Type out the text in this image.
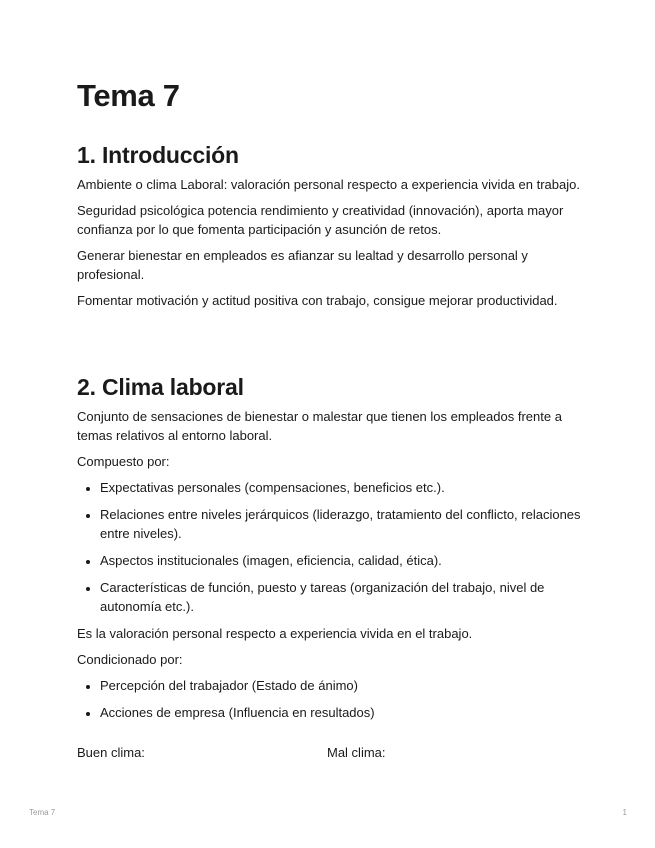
Tema 7
1. Introducción

Ambiente o clima Laboral: valoración personal respecto a experiencia vivida en trabajo.

Seguridad psicológica potencia rendimiento y creatividad (innovación), aporta mayor confianza por lo que fomenta participación y asunción de retos.

Generar bienestar en empleados es afianzar su lealtad y desarrollo personal y profesional.

Fomentar motivación y actitud positiva con trabajo, consigue mejorar productividad.

2. Clima laboral

Conjunto de sensaciones de bienestar o malestar que tienen los empleados frente a temas relativos al entorno laboral.

Compuesto por:

• Expectativas personales (compensaciones, beneficios etc.).
• Relaciones entre niveles jerárquicos (liderazgo, tratamiento del conflicto, relaciones entre niveles).
• Aspectos institucionales (imagen, eficiencia, calidad, ética).
• Características de función, puesto y tareas (organización del trabajo, nivel de autonomía etc.).

Es la valoración personal respecto a experiencia vivida en el trabajo.

Condicionado por:

• Percepción del trabajador (Estado de ánimo)
• Acciones de empresa (Influencia en resultados)
Buen clima:	Mal clima:
Tema 7	1
